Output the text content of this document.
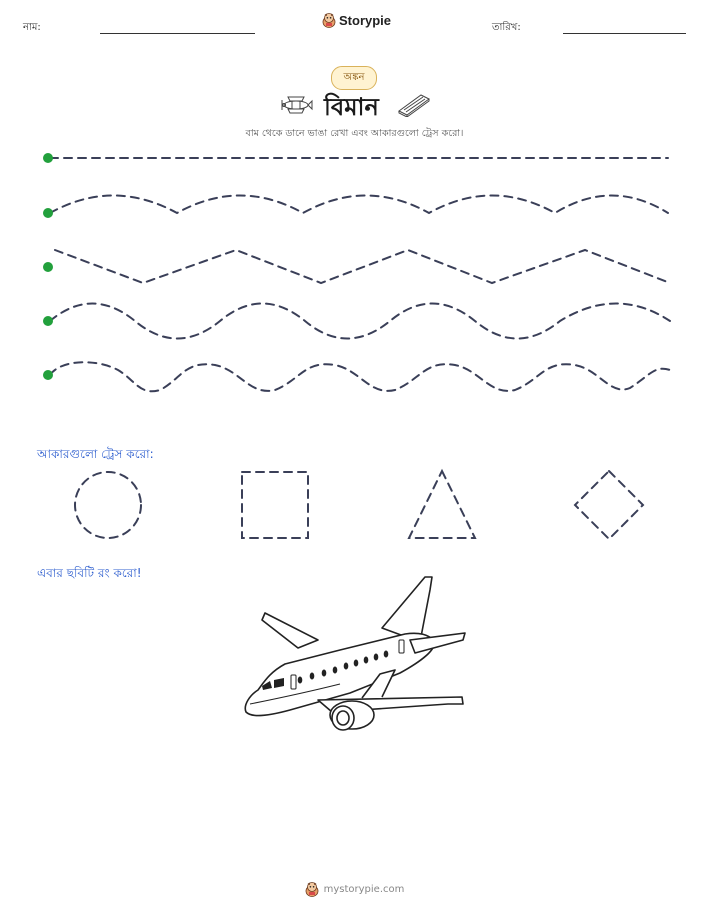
নাম:	Storypie	তারিখ:
অঙ্কন
বিমান
বাম থেকে ডানে ভাঙা রেখা এবং আকারগুলো ট্রেস করো।
আকারগুলো ট্রেস করো:
এবার ছবিটি রং করো!
mystorypie.com
